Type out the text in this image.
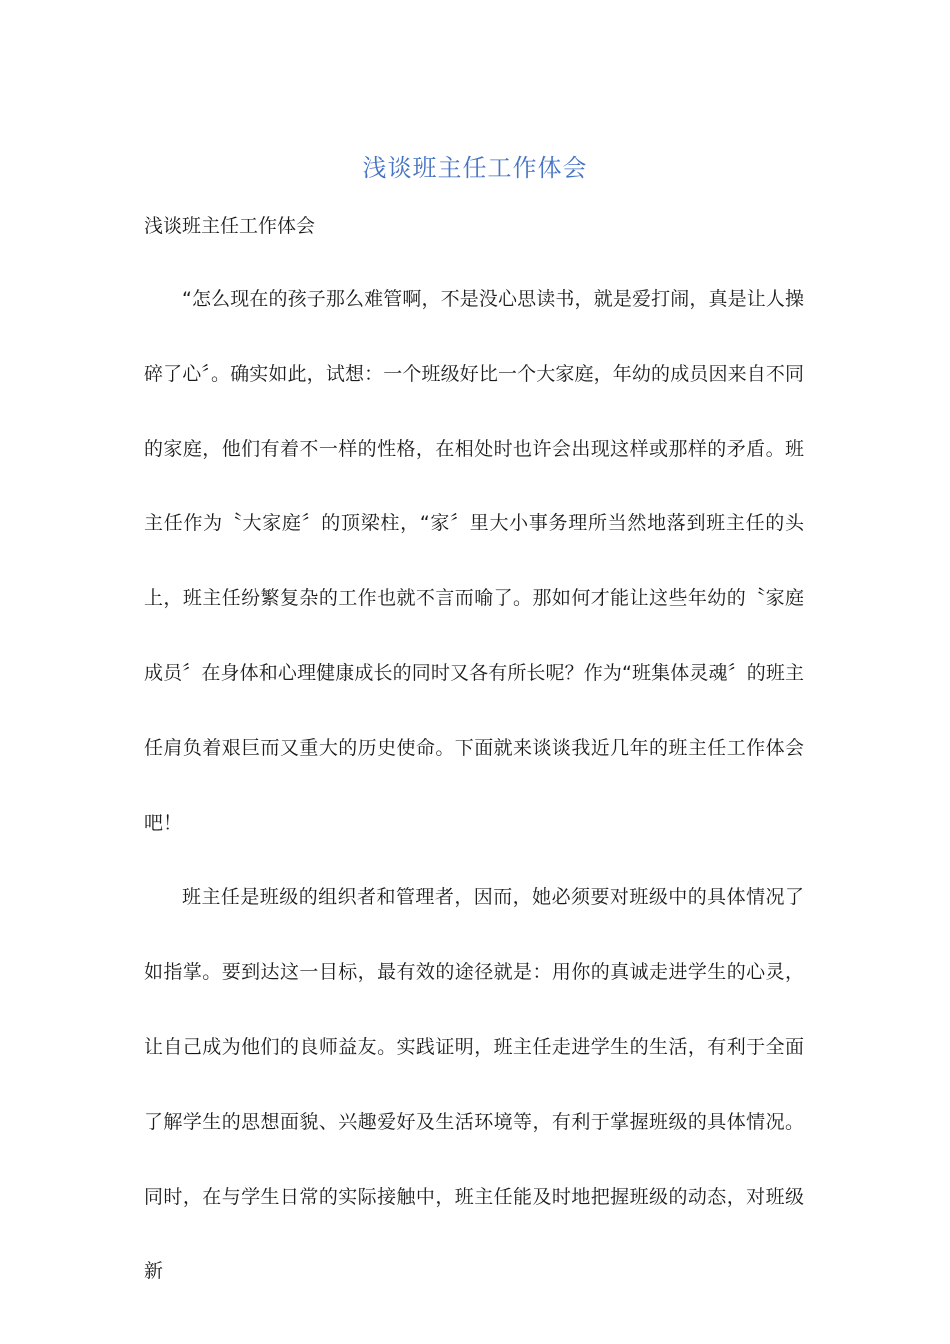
浅谈班主任工作体会

浅谈班主任工作体会

“怎么现在的孩子那么难管啊，不是没心思读书，就是爱打闹，真是让人操碎了心〞。确实如此，试想：一个班级好比一个大家庭，年幼的成员因来自不同的家庭，他们有着不一样的性格，在相处时也许会出现这样或那样的矛盾。班主任作为〝大家庭〞的顶梁柱，“家〞里大小事务理所当然地落到班主任的头上，班主任纷繁复杂的工作也就不言而喻了。那如何才能让这些年幼的〝家庭成员〞在身体和心理健康成长的同时又各有所长呢？作为“班集体灵魂〞的班主任肩负着艰巨而又重大的历史使命。下面就来谈谈我近几年的班主任工作体会吧！

班主任是班级的组织者和管理者，因而，她必须要对班级中的具体情况了如指掌。要到达这一目标，最有效的途径就是：用你的真诚走进学生的心灵，让自己成为他们的良师益友。实践证明，班主任走进学生的生活，有利于全面了解学生的思想面貌、兴趣爱好及生活环境等，有利于掌握班级的具体情况。同时，在与学生日常的实际接触中，班主任能及时地把握班级的动态，对班级新
